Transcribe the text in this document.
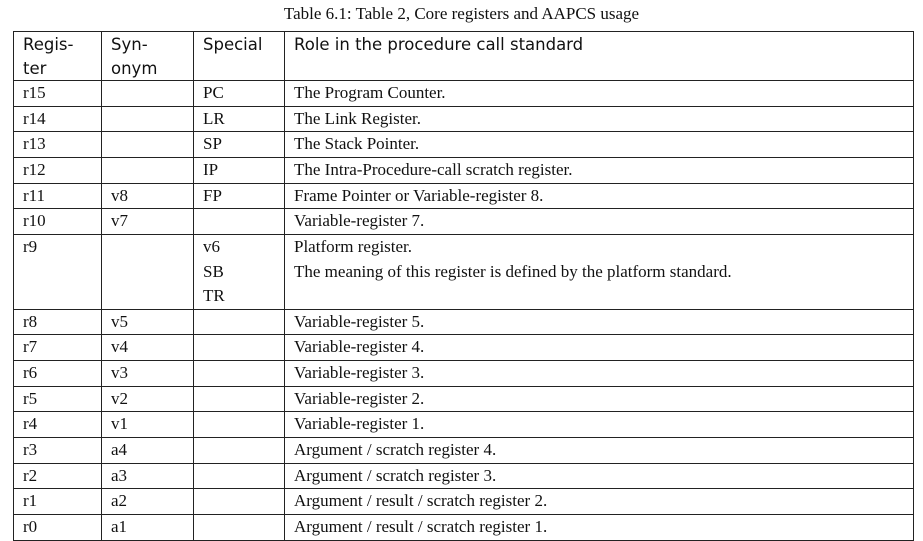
Table 6.1: Table 2, Core registers and AAPCS usage
Regis-
ter	Syn-
onym	Special	Role in the procedure call standard

r15		PC	The Program Counter.

r14		LR	The Link Register.

r13		SP	The Stack Pointer.

r12		IP	The Intra-Procedure-call scratch register.

r11	v8	FP	Frame Pointer or Variable-register 8.

r10	v7		Variable-register 7.

r9		v6
SB
TR	Platform register.
The meaning of this register is defined by the platform standard.

r8	v5		Variable-register 5.

r7	v4		Variable-register 4.

r6	v3		Variable-register 3.

r5	v2		Variable-register 2.

r4	v1		Variable-register 1.

r3	a4		Argument / scratch register 4.

r2	a3		Argument / scratch register 3.

r1	a2		Argument / result / scratch register 2.

r0	a1		Argument / result / scratch register 1.
